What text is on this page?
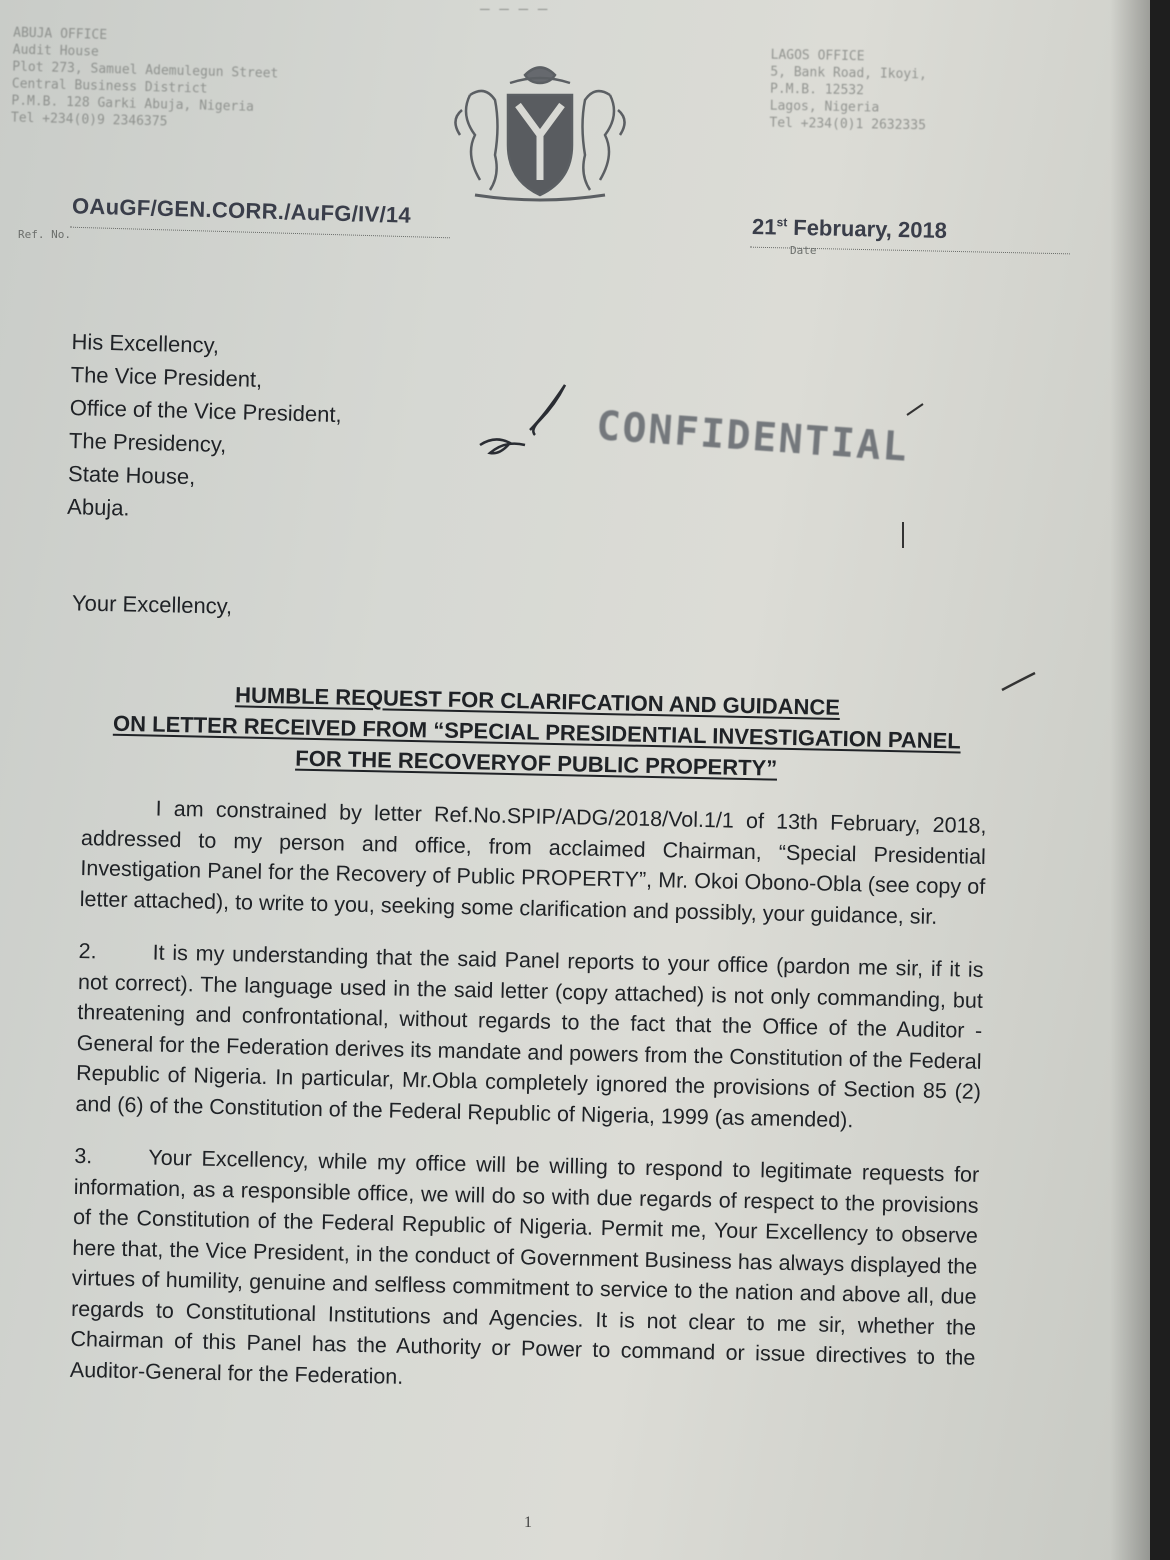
— — — —
ABUJA OFFICE
Audit House
Plot 273, Samuel Ademulegun Street
Central Business District
P.M.B. 128 Garki Abuja, Nigeria
Tel +234(0)9 2346375
LAGOS OFFICE
5, Bank Road, Ikoyi,
P.M.B. 12532
Lagos, Nigeria
Tel +234(0)1 2632335
Ref. No.
OAuGF/GEN.CORR./AuFG/IV/14
Date
21st February, 2018
His Excellency,
The Vice President,
Office of the Vice President,
The Presidency,
State House,
Abuja.
CONFIDENTIAL
Your Excellency,
HUMBLE REQUEST FOR CLARIFCATION AND GUIDANCE
ON LETTER RECEIVED FROM “SPECIAL PRESIDENTIAL INVESTIGATION PANEL
FOR THE RECOVERYOF PUBLIC PROPERTY”

I am constrained by letter Ref.No.SPIP/ADG/2018/Vol.1/1 of 13th February, 2018, addressed to my person and office, from acclaimed Chairman, “Special Presidential Investigation Panel for the Recovery of Public PROPERTY”, Mr. Okoi Obono-Obla (see copy of letter attached), to write to you, seeking some clarification and possibly, your guidance, sir.

2.	It is my understanding that the said Panel reports to your office (pardon me sir, if it is not correct). The language used in the said letter (copy attached) is not only commanding, but threatening and confrontational, without regards to the fact that the Office of the Auditor -General for the Federation derives its mandate and powers from the Constitution of the Federal Republic of Nigeria. In particular, Mr.Obla completely ignored the provisions of Section 85 (2) and (6) of the Constitution of the Federal Republic of Nigeria, 1999 (as amended).

3.	Your Excellency, while my office will be willing to respond to legitimate requests for information, as a responsible office, we will do so with due regards of respect to the provisions of the Constitution of the Federal Republic of Nigeria. Permit me, Your Excellency to observe here that, the Vice President, in the conduct of Government Business has always displayed the virtues of humility, genuine and selfless commitment to service to the nation and above all, due regards to Constitutional Institutions and Agencies. It is not clear to me sir, whether the Chairman of this Panel has the Authority or Power to command or issue directives to the Auditor-General for the Federation.

1
